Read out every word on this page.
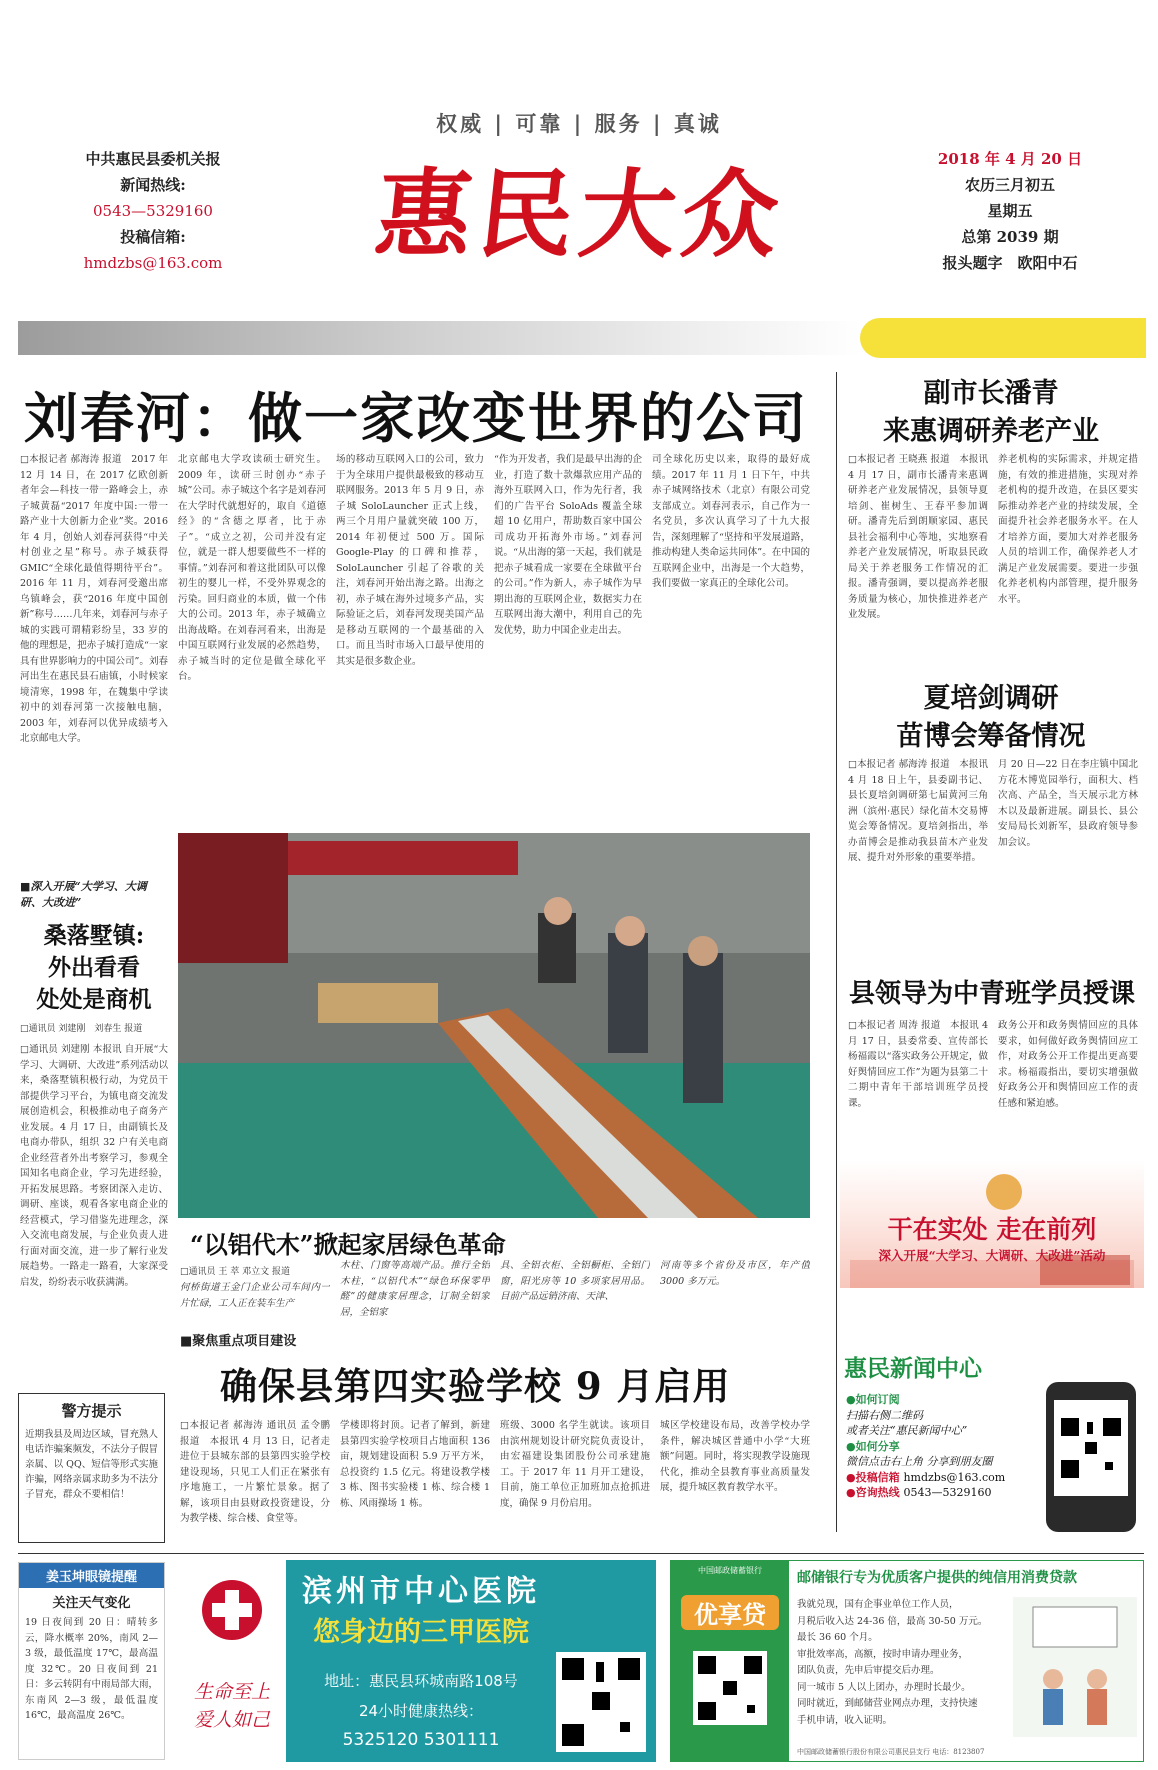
权威 | 可靠 | 服务 | 真诚
中共惠民县委机关报
新闻热线:
0543—5329160
投稿信箱:
hmdzbs@163.com	惠民大众	2018 年 4 月 20 日
农历三月初五
星期五
总第 2039 期
报头题字　欧阳中石
刘春河：做一家改变世界的公司
□本报记者 郝海涛 报道　2017 年 12 月 14 日，在 2017 亿欧创新者年会—科技一带一路峰会上，赤子城黄磊“2017 年度中国:一带一路产业十大创新力企业”奖。2016 年 4 月，创始人刘春河获得“中关村创业之星”称号。赤子城获得GMIC“全球化最值得期待平台”。2016 年 11 月，刘春河受邀出席乌镇峰会，获“2016 年度中国创新”称号……几年来，刘春河与赤子城的实践可谓精彩纷呈，33 岁的他的理想是，把赤子城打造成“一家具有世界影响力的中国公司”。刘春河出生在惠民县石庙镇，小时候家境清寒，1998 年，在魏集中学读初中的刘春河第一次接触电脑，2003 年，刘春河以优异成绩考入北京邮电大学。
北京邮电大学攻读硕士研究生。2009 年，读研三时创办“赤子城”公司。赤子城这个名字是刘春河在大学时代就想好的，取自《道德经》的“含德之厚者，比于赤子”。“成立之初，公司并没有定位，就是一群人想要做些不一样的事情。”刘春河和着这批团队可以像初生的婴儿一样，不受外界观念的污染。回归商业的本质，做一个伟大的公司。2013 年，赤子城确立出海战略。在刘春河看来，出海是中国互联网行业发展的必然趋势，赤子城当时的定位是做全球化平台。
场的移动互联网入口的公司，致力于为全球用户提供最极致的移动互联网服务。2013 年 5 月 9 日，赤子城 SoloLauncher 正式上线，两三个月用户量就突破 100 万，2014 年初便过 500 万。国际 Google-Play 的口碑和推荐，SoloLauncher 引起了谷歌的关注，刘春河开始出海之路。出海之初，赤子城在海外过境多产品，实际验证之后，刘春河发现美国产品是移动互联网的一个最基础的入口。而且当时市场入口最早使用的其实是很多数企业。
“作为开发者，我们是最早出海的企业，打造了数十款爆款应用产品的海外互联网入口，作为先行者，我们的广告平台 SoloAds 覆盖全球超 10 亿用户，帮助数百家中国公司成功开拓海外市场。”刘春河说。“从出海的第一天起，我们就是把赤子城看成一家要在全球做平台的公司。”作为新人，赤子城作为早期出海的互联网企业，数据实力在互联网出海大潮中，利用自己的先发优势，助力中国企业走出去。
司全球化历史以来，取得的最好成绩。2017 年 11 月 1 日下午，中共赤子城网络技术（北京）有限公司党支部成立。刘春河表示，自己作为一名党员，多次认真学习了十九大报告，深刻理解了“坚持和平发展道路，推动构建人类命运共同体”。在中国的互联网企业中，出海是一个大趋势，我们要做一家真正的全球化公司。
副市长潘青
来惠调研养老产业
□本报记者 王晓燕 报道　本报讯 4 月 17 日，副市长潘青来惠调研养老产业发展情况，县领导夏培剑、崔树生、王春平参加调研。潘青先后到朗顺家园、惠民县社会福利中心等地，实地察看养老产业发展情况，听取县民政局关于养老服务工作情况的汇报。潘青强调，要以提高养老服务质量为核心，加快推进养老产业发展。
养老机构的实际需求，并规定措施，有效的推进措施，实现对养老机构的提升改造，在县区要实际推动养老产业的持续发展，全面提升社会养老服务水平。在人才培养方面，要加大对养老服务人员的培训工作，确保养老人才满足产业发展需要。要进一步强化养老机构内部管理，提升服务水平。
夏培剑调研
苗博会筹备情况
□本报记者 郝海涛 报道　本报讯 4 月 18 日上午，县委副书记、县长夏培剑调研第七届黄河三角洲（滨州·惠民）绿化苗木交易博览会筹备情况。夏培剑指出，举办苗博会是推动我县苗木产业发展、提升对外形象的重要举措。
月 20 日—22 日在李庄镇中国北方花木博览园举行，面积大、档次高、产品全，当天展示北方林木以及最新进展。副县长、县公安局局长刘新军，县政府领导参加会议。
县领导为中青班学员授课
□本报记者 周涛 报道　本报讯 4 月 17 日，县委常委、宣传部长杨福霞以“落实政务公开规定，做好舆情回应工作”为题为县第二十二期中青年干部培训班学员授课。
政务公开和政务舆情回应的具体要求，如何做好政务舆情回应工作，对政务公开工作提出更高要求。杨福霞指出，要切实增强做好政务公开和舆情回应工作的责任感和紧迫感。
干在实处 走在前列
深入开展“大学习、大调研、大改进”活动
■深入开展“大学习、大调研、大改进”
桑落墅镇:
外出看看
处处是商机
□通讯员 刘建刚　刘春生 报道
□通讯员 刘建刚 本报讯 自开展“大学习、大调研、大改进”系列活动以来，桑落墅镇积极行动，为党员干部提供学习平台，为镇电商交流发展创造机会，积极推动电子商务产业发展。4 月 17 日，由副镇长及电商办带队，组织 32 户有关电商企业经营者外出考察学习，参观全国知名电商企业，学习先进经验，开拓发展思路。考察团深入走访、调研、座谈，观看各家电商企业的经营模式，学习借鉴先进理念，深入交流电商发展，与企业负责人进行面对面交流，进一步了解行业发展趋势。一路走一路看，大家深受启发，纷纷表示收获满满。
“以铝代木”掀起家居绿色革命
□通讯员 王 萃 邓立文 报道
何桥街道王金门企业公司车间内一片忙碌，工人正在装车生产
木柱、门窗等高端产品。推行全铝木柱，“以铝代木”“绿色环保零甲醛”的健康家居理念，订制全铝家居，全铝家
具、全铝衣柜、全铝橱柜、全铝门窗，阳光房等 10 多项家居用品。目前产品远销济南、天津、
河南等多个省份及市区，年产值 3000 多万元。
■聚焦重点项目建设
确保县第四实验学校 9 月启用
□本报记者 郝海涛 通讯员 孟令鹏 报道　本报讯 4 月 13 日，记者走进位于县城东部的县第四实验学校建设现场，只见工人们正在紧张有序地施工，一片繁忙景象。据了解，该项目由县财政投资建设，分为教学楼、综合楼、食堂等。
学楼即将封顶。记者了解到，新建县第四实验学校项目占地面积 136 亩，规划建设面积 5.9 万平方米，总投资约 1.5 亿元。将建设教学楼 3 栋、图书实验楼 1 栋、综合楼 1 栋、风雨操场 1 栋。
班级、3000 名学生就读。该项目由滨州规划设计研究院负责设计，由宏福建设集团股份公司承建施工。于 2017 年 11 月开工建设，目前，施工单位正加班加点抢抓进度，确保 9 月份启用。
城区学校建设布局，改善学校办学条件，解决城区普通中小学“大班额”问题。同时，将实现教学设施现代化，推动全县教育事业高质量发展，提升城区教育教学水平。
警方提示
近期我县及周边区域，冒充熟人电话诈骗案频发，不法分子假冒亲属、以 QQ、短信等形式实施诈骗，网络亲属求助多为不法分子冒充，群众不要相信！
惠民新闻中心
●如何订阅
扫描右侧二维码
或者关注“惠民新闻中心”
●如何分享
微信点击右上角 分享到朋友圈
●投稿信箱 hmdzbs@163.com
●咨询热线 0543—5329160
姜玉坤眼镜提醒
关注天气变化
19 日夜间到 20 日：晴转多云，降水概率 20%，南风 2—3 级，最低温度 17℃，最高温度 32℃。20 日夜间到 21 日：多云转阴有中雨局部大雨，东南风 2—3 级，最低温度 16℃，最高温度 26℃。
生命至上
爱人如己
滨州市中心医院
您身边的三甲医院
地址：惠民县环城南路108号
24小时健康热线：
5325120 5301111
中国邮政储蓄银行
优享贷
邮储银行专为优质客户提供的纯信用消费贷款
我就兑现，国有企事业单位工作人员，
月税后收入达 24-36 倍，最高 30-50 万元。
最长 36 60 个月。
审批效率高，高额，按时申请办理业务，
团队负责，先申后审提交后办理。
同一城市 5 人以上团办，办理时长最少。
同时就近，到邮储营业网点办理，支持快速
手机申请，收入证明。
中国邮政储蓄银行股份有限公司惠民县支行 电话：8123807
